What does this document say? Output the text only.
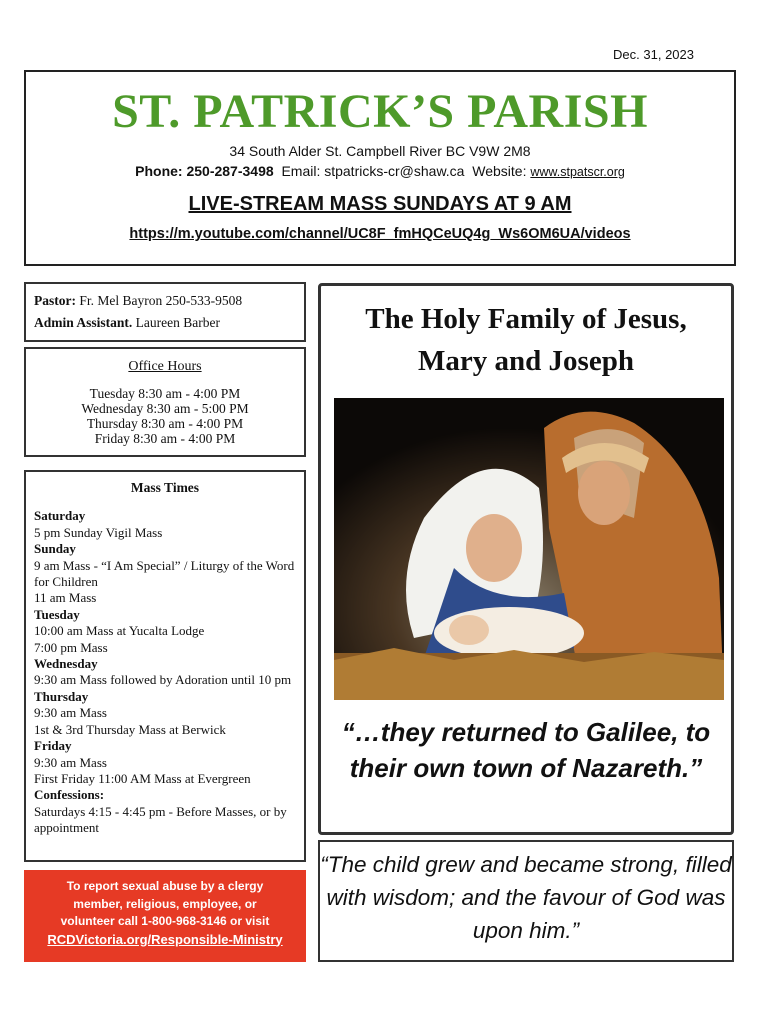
Dec. 31, 2023
ST. PATRICK’S PARISH
34 South Alder St. Campbell River BC V9W 2M8
Phone: 250-287-3498 Email: stpatricks-cr@shaw.ca Website: www.stpatscr.org
LIVE-STREAM MASS SUNDAYS AT 9 AM
https://m.youtube.com/channel/UC8F_fmHQCeUQ4g_Ws6OM6UA/videos
Pastor: Fr. Mel Bayron 250-533-9508
Admin Assistant. Laureen Barber
Office Hours
Tuesday 8:30 am - 4:00 PM
Wednesday 8:30 am - 5:00 PM
Thursday 8:30 am - 4:00 PM
Friday 8:30 am - 4:00 PM
Mass Times
Saturday
5 pm Sunday Vigil Mass
Sunday
9 am Mass - “I Am Special” / Liturgy of the Word for Children
11 am Mass
Tuesday
10:00 am Mass at Yucalta Lodge
7:00 pm Mass
Wednesday
9:30 am Mass followed by Adoration until 10 pm
Thursday
9:30 am Mass
1st & 3rd Thursday Mass at Berwick
Friday
9:30 am Mass
First Friday 11:00 AM Mass at Evergreen
Confessions:
Saturdays 4:15 - 4:45 pm - Before Masses, or by appointment
To report sexual abuse by a clergy
member, religious, employee, or
volunteer call 1-800-968-3146 or visit
RCDVictoria.org/Responsible-Ministry
The Holy Family of Jesus,
Mary and Joseph
“…they returned to Galilee, to their own town of Nazareth.”
“The child grew and became strong, filled with wisdom; and the favour of God was upon him.”
